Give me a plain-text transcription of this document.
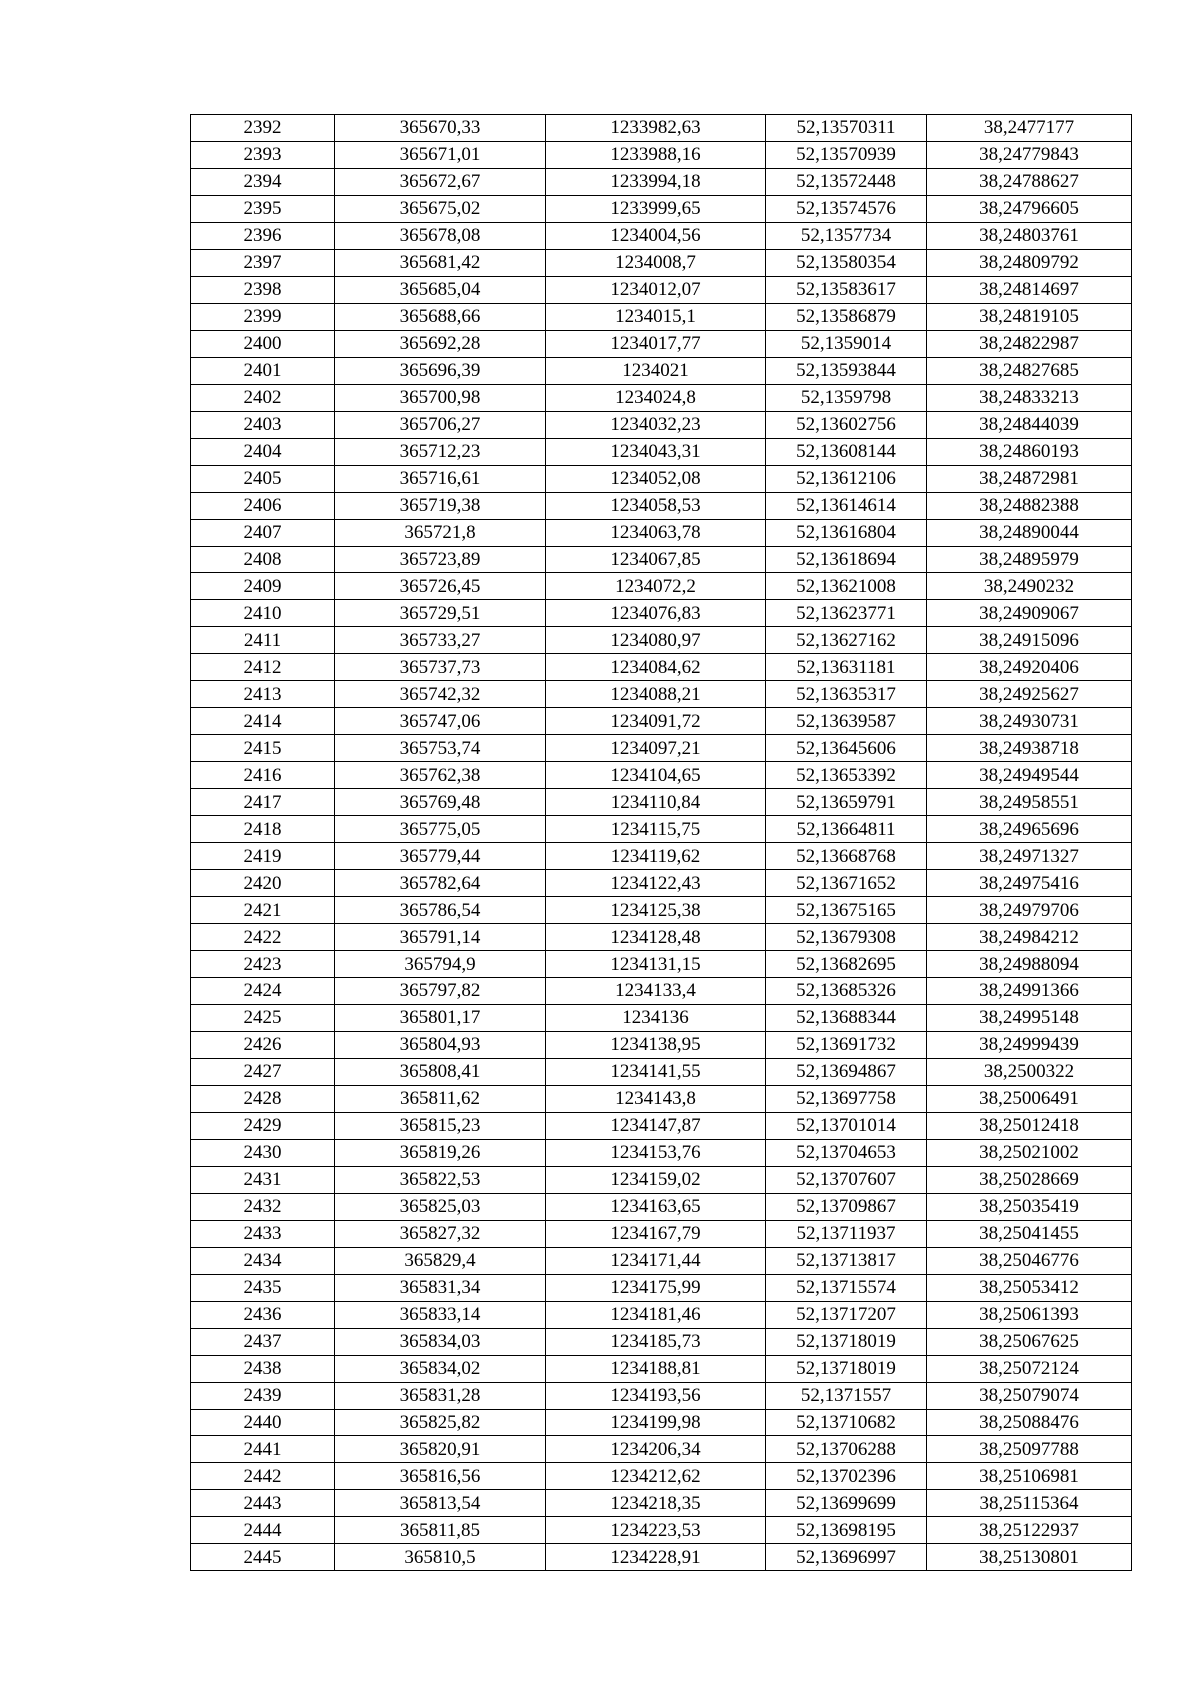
2392	365670,33	1233982,63	52,13570311	38,2477177
2393	365671,01	1233988,16	52,13570939	38,24779843
2394	365672,67	1233994,18	52,13572448	38,24788627
2395	365675,02	1233999,65	52,13574576	38,24796605
2396	365678,08	1234004,56	52,1357734	38,24803761
2397	365681,42	1234008,7	52,13580354	38,24809792
2398	365685,04	1234012,07	52,13583617	38,24814697
2399	365688,66	1234015,1	52,13586879	38,24819105
2400	365692,28	1234017,77	52,1359014	38,24822987
2401	365696,39	1234021	52,13593844	38,24827685
2402	365700,98	1234024,8	52,1359798	38,24833213
2403	365706,27	1234032,23	52,13602756	38,24844039
2404	365712,23	1234043,31	52,13608144	38,24860193
2405	365716,61	1234052,08	52,13612106	38,24872981
2406	365719,38	1234058,53	52,13614614	38,24882388
2407	365721,8	1234063,78	52,13616804	38,24890044
2408	365723,89	1234067,85	52,13618694	38,24895979
2409	365726,45	1234072,2	52,13621008	38,2490232
2410	365729,51	1234076,83	52,13623771	38,24909067
2411	365733,27	1234080,97	52,13627162	38,24915096
2412	365737,73	1234084,62	52,13631181	38,24920406
2413	365742,32	1234088,21	52,13635317	38,24925627
2414	365747,06	1234091,72	52,13639587	38,24930731
2415	365753,74	1234097,21	52,13645606	38,24938718
2416	365762,38	1234104,65	52,13653392	38,24949544
2417	365769,48	1234110,84	52,13659791	38,24958551
2418	365775,05	1234115,75	52,13664811	38,24965696
2419	365779,44	1234119,62	52,13668768	38,24971327
2420	365782,64	1234122,43	52,13671652	38,24975416
2421	365786,54	1234125,38	52,13675165	38,24979706
2422	365791,14	1234128,48	52,13679308	38,24984212
2423	365794,9	1234131,15	52,13682695	38,24988094
2424	365797,82	1234133,4	52,13685326	38,24991366
2425	365801,17	1234136	52,13688344	38,24995148
2426	365804,93	1234138,95	52,13691732	38,24999439
2427	365808,41	1234141,55	52,13694867	38,2500322
2428	365811,62	1234143,8	52,13697758	38,25006491
2429	365815,23	1234147,87	52,13701014	38,25012418
2430	365819,26	1234153,76	52,13704653	38,25021002
2431	365822,53	1234159,02	52,13707607	38,25028669
2432	365825,03	1234163,65	52,13709867	38,25035419
2433	365827,32	1234167,79	52,13711937	38,25041455
2434	365829,4	1234171,44	52,13713817	38,25046776
2435	365831,34	1234175,99	52,13715574	38,25053412
2436	365833,14	1234181,46	52,13717207	38,25061393
2437	365834,03	1234185,73	52,13718019	38,25067625
2438	365834,02	1234188,81	52,13718019	38,25072124
2439	365831,28	1234193,56	52,1371557	38,25079074
2440	365825,82	1234199,98	52,13710682	38,25088476
2441	365820,91	1234206,34	52,13706288	38,25097788
2442	365816,56	1234212,62	52,13702396	38,25106981
2443	365813,54	1234218,35	52,13699699	38,25115364
2444	365811,85	1234223,53	52,13698195	38,25122937
2445	365810,5	1234228,91	52,13696997	38,25130801
